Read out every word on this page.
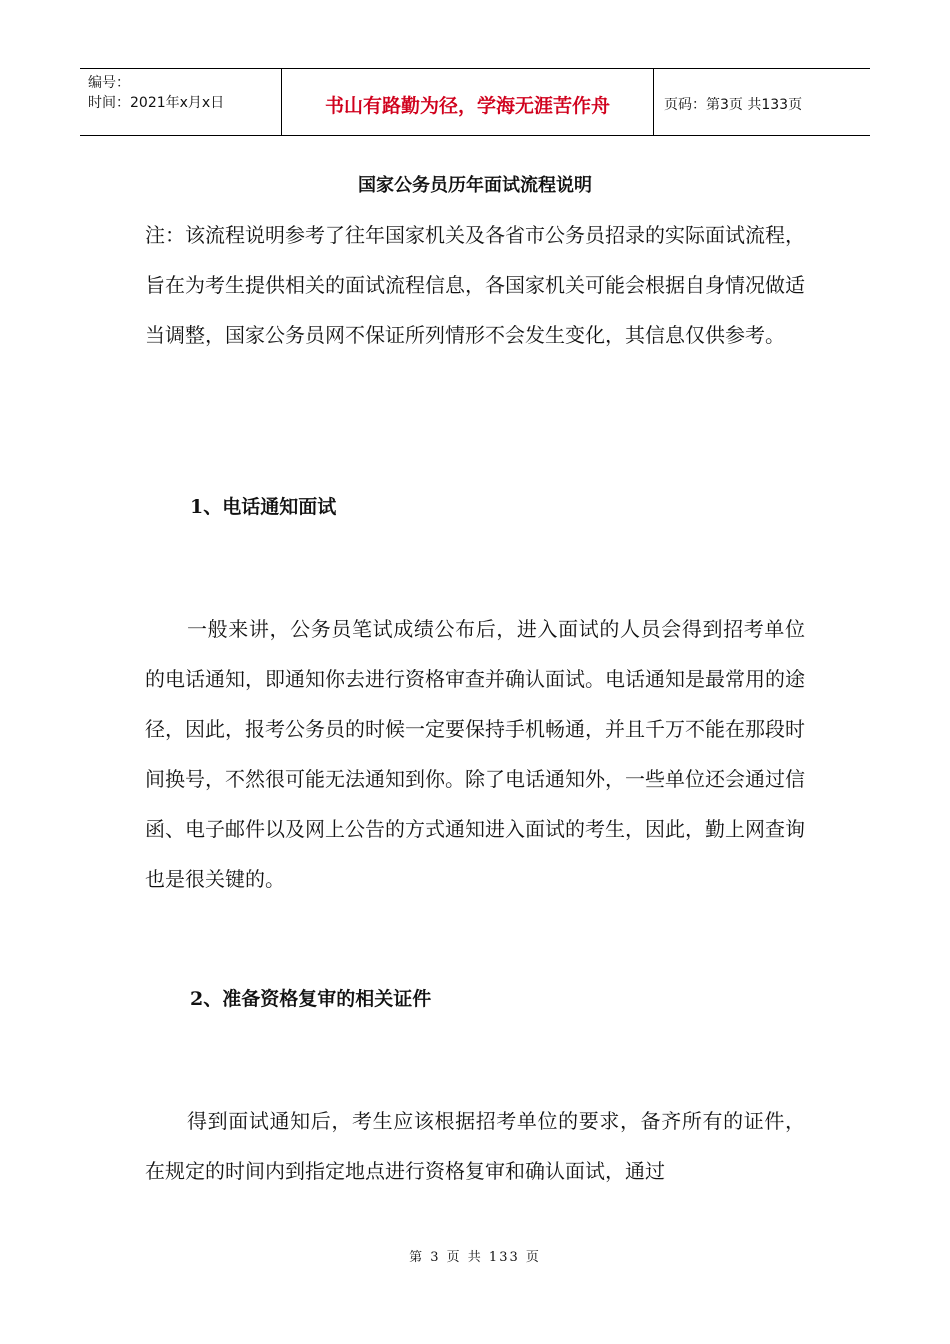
编号：
时间：2021年x月x日	书山有路勤为径，学海无涯苦作舟	页码：第3页 共133页
国家公务员历年面试流程说明

注：该流程说明参考了往年国家机关及各省市公务员招录的实际面试流程，旨在为考生提供相关的面试流程信息，各国家机关可能会根据自身情况做适当调整，国家公务员网不保证所列情形不会发生变化，其信息仅供参考。

1、电话通知面试

一般来讲，公务员笔试成绩公布后，进入面试的人员会得到招考单位的电话通知，即通知你去进行资格审查并确认面试。电话通知是最常用的途径，因此，报考公务员的时候一定要保持手机畅通，并且千万不能在那段时间换号，不然很可能无法通知到你。除了电话通知外，一些单位还会通过信函、电子邮件以及网上公告的方式通知进入面试的考生，因此，勤上网查询也是很关键的。

2、准备资格复审的相关证件

得到面试通知后，考生应该根据招考单位的要求，备齐所有的证件，在规定的时间内到指定地点进行资格复审和确认面试，通过

第 3 页 共 133 页
